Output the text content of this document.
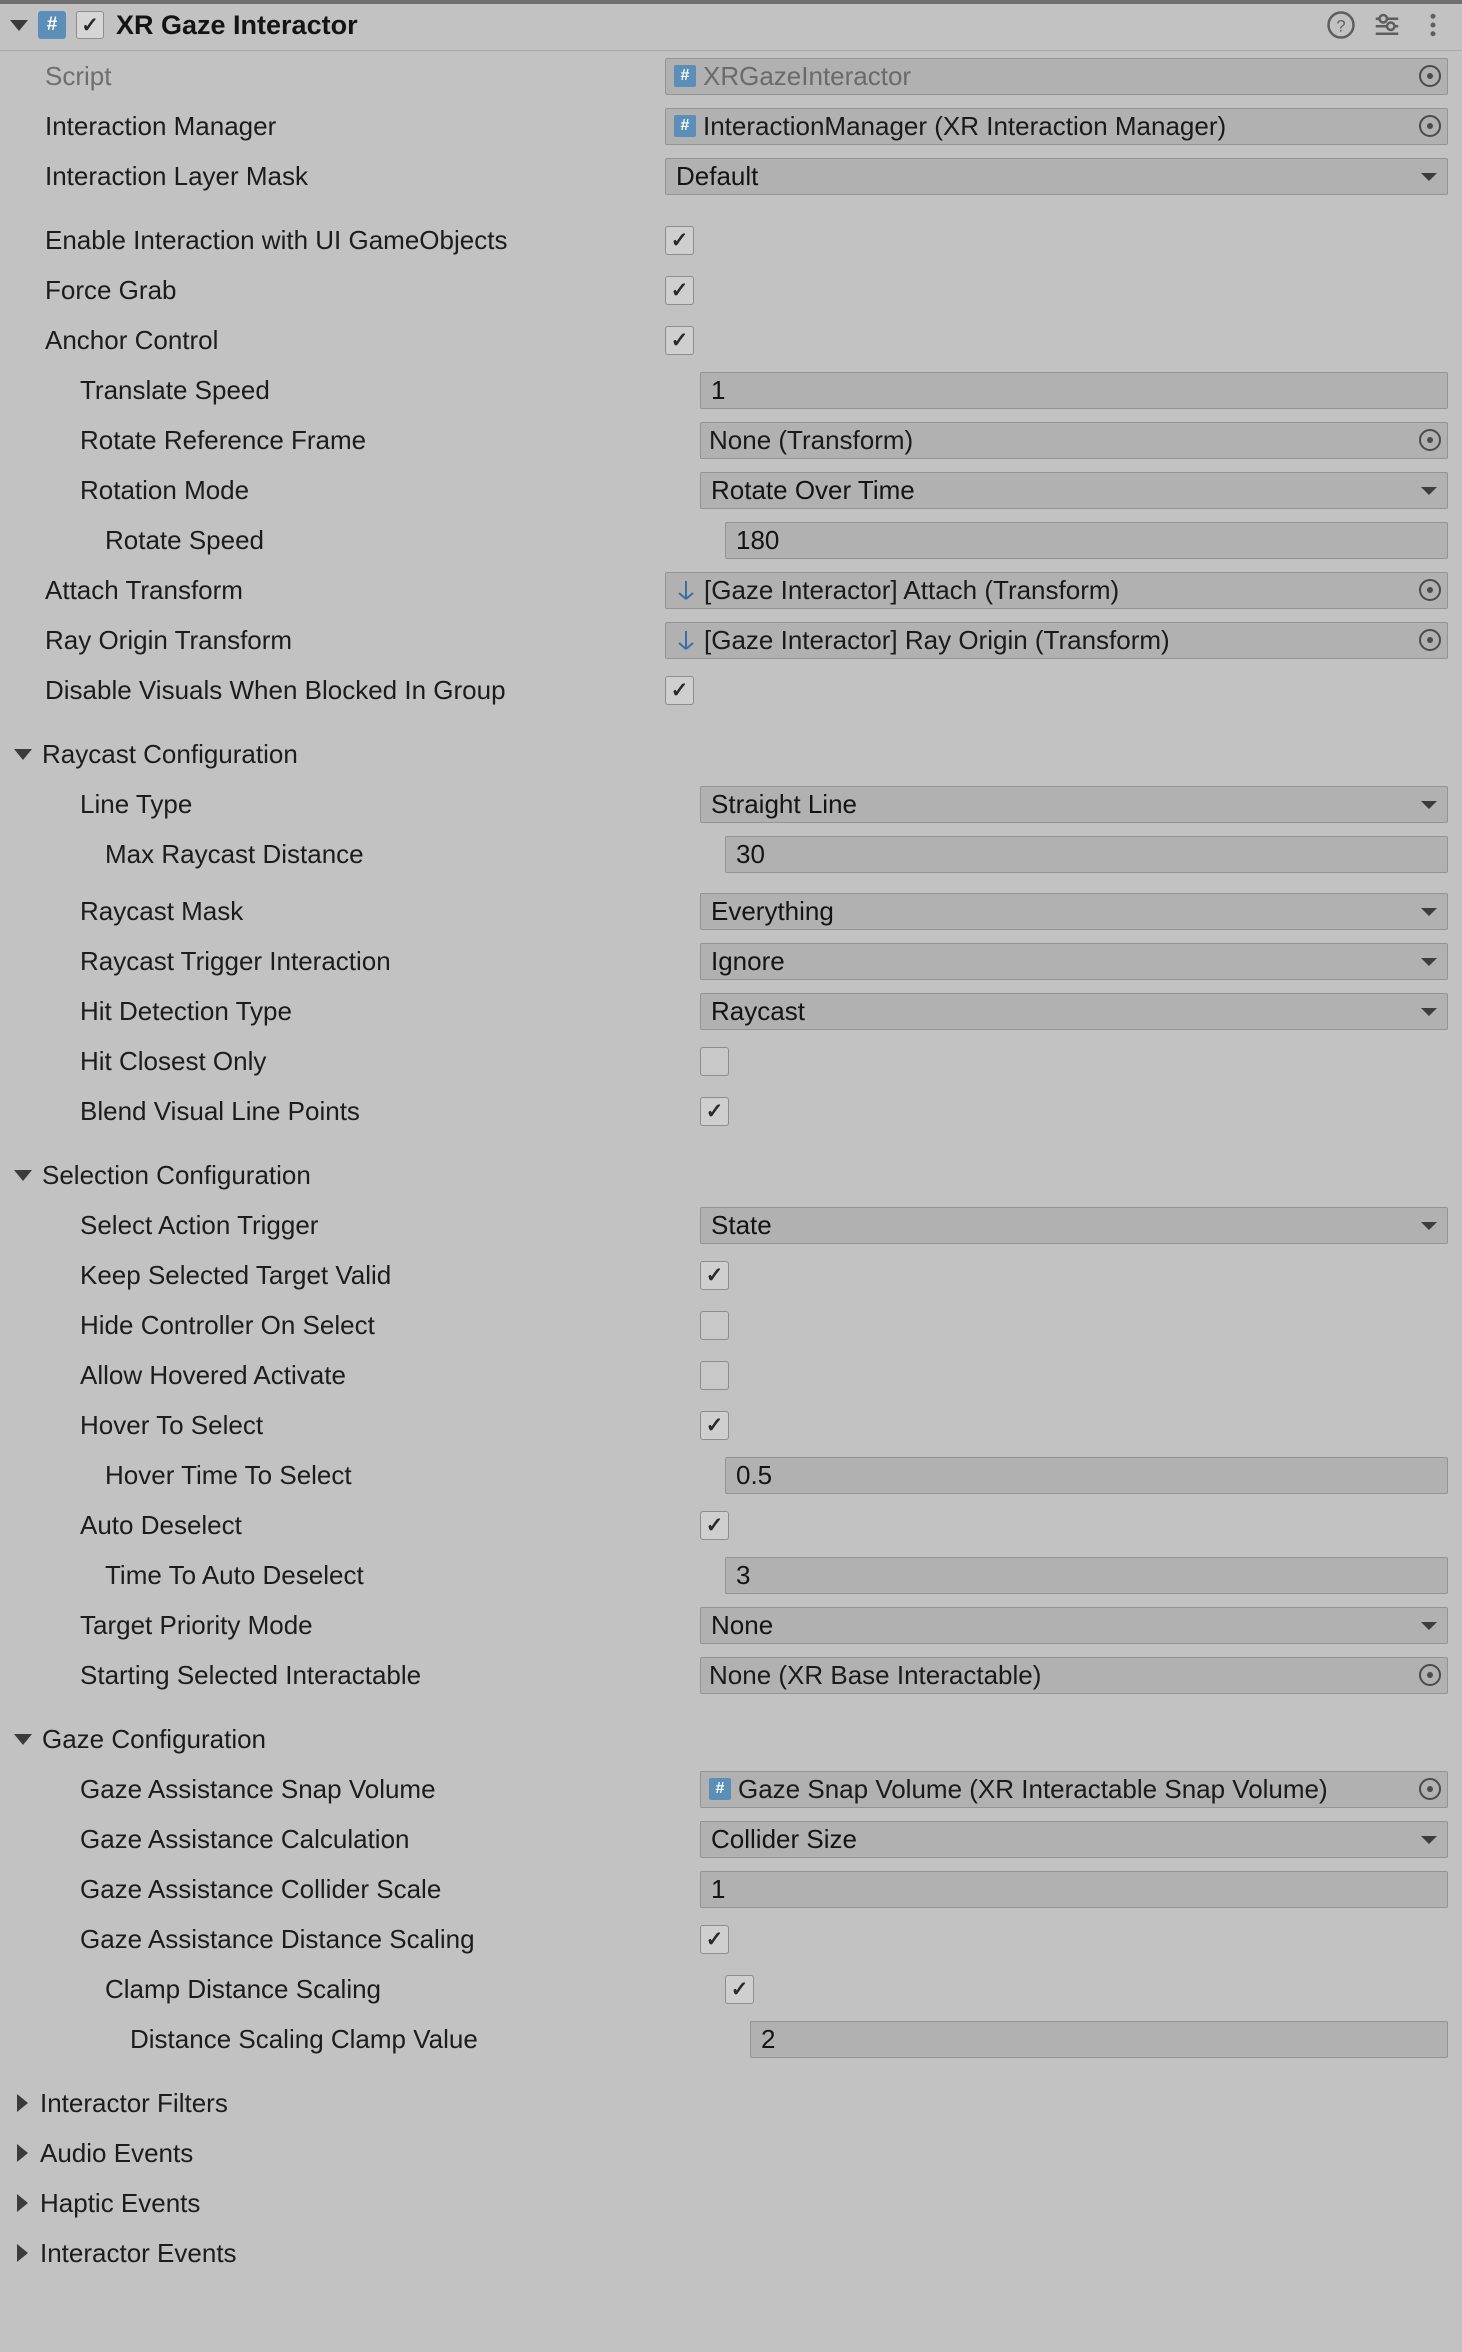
#	✓ XR Gaze Interactor	?
Script	# XRGazeInteractor
Interaction Manager	# InteractionManager (XR Interaction Manager)
Interaction Layer Mask	Default
Enable Interaction with UI GameObjects	✓
Force Grab	✓
Anchor Control	✓
Translate Speed	1
Rotate Reference Frame	None (Transform)
Rotation Mode	Rotate Over Time
Rotate Speed	180
Attach Transform	[Gaze Interactor] Attach (Transform)
Ray Origin Transform	[Gaze Interactor] Ray Origin (Transform)
Disable Visuals When Blocked In Group	✓
Raycast Configuration
Line Type	Straight Line
Max Raycast Distance	30
Raycast Mask	Everything
Raycast Trigger Interaction	Ignore
Hit Detection Type	Raycast
Hit Closest Only
Blend Visual Line Points	✓
Selection Configuration
Select Action Trigger	State
Keep Selected Target Valid	✓
Hide Controller On Select
Allow Hovered Activate
Hover To Select	✓
Hover Time To Select	0.5
Auto Deselect	✓
Time To Auto Deselect	3
Target Priority Mode	None
Starting Selected Interactable	None (XR Base Interactable)
Gaze Configuration
Gaze Assistance Snap Volume	# Gaze Snap Volume (XR Interactable Snap Volume)
Gaze Assistance Calculation	Collider Size
Gaze Assistance Collider Scale	1
Gaze Assistance Distance Scaling	✓
Clamp Distance Scaling	✓
Distance Scaling Clamp Value	2
Interactor Filters
Audio Events
Haptic Events
Interactor Events
